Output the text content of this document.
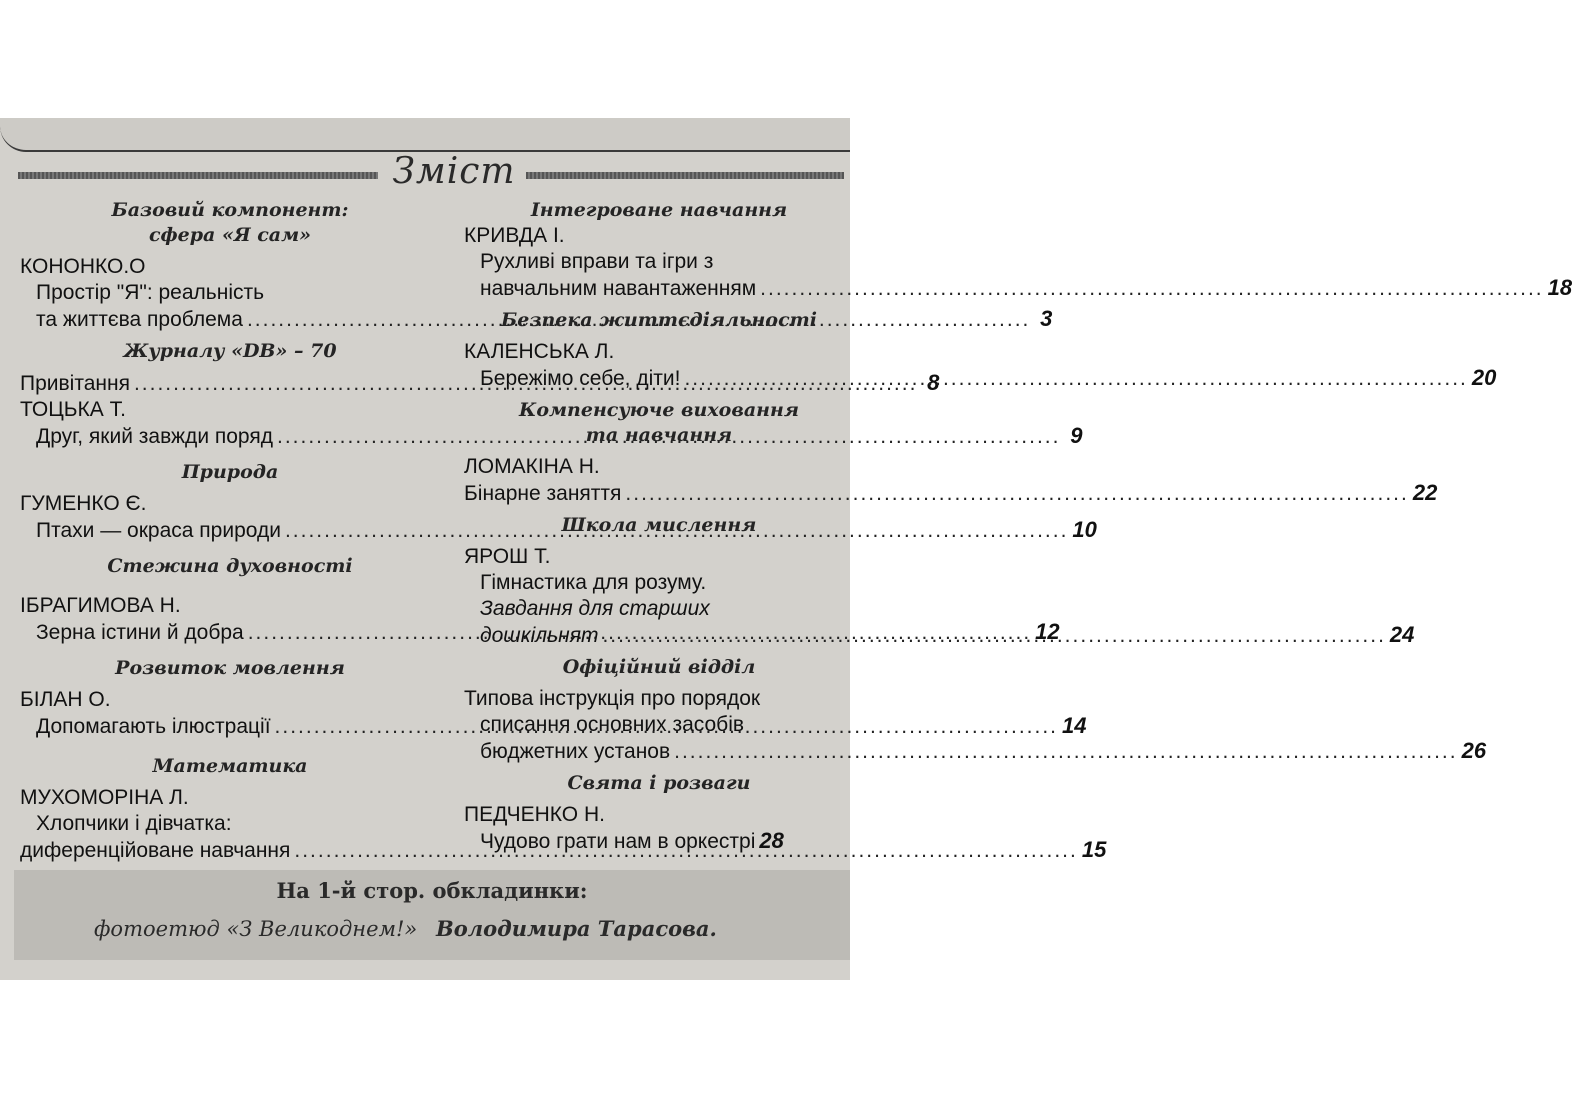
Зміст
Базовий компонент:
сфера «Я сам»
КОНОНКО.О
Простір "Я": реальність
та життєва проблема .....	3
Журналу «DB» – 70
Привітання .....	8
ТОЦЬКА Т.
Друг, який завжди поряд .....	9
Природа
ГУМЕНКО Є.
Птахи — окраса природи .....	10
Стежина духовності
ІБРАГИМОВА Н.
Зерна істини й добра .....	12
Розвиток мовлення
БІЛАН О.
Допомагають ілюстрації .....	14
Математика
МУХОМОРІНА Л.
Хлопчики і дівчатка:
диференційоване навчання .....	15
Інтегроване навчання
КРИВДА І.
Рухливі вправи та ігри з
навчальним навантаженням .....	18
Безпека життєдіяльності
КАЛЕНСЬКА Л.
Бережімо себе, діти! .....	20
Компенсуюче виховання
та навчання
ЛОМАКІНА Н.
Бінарне заняття .....	22
Школа мислення
ЯРОШ Т.
Гімнастика для розуму.
Завдання для старших
дошкільнят .....	24
Офіційний відділ
Типова інструкція про порядок
списання основних засобів
бюджетних установ .....	26
Свята і розваги
ПЕДЧЕНКО Н.
Чудово грати нам в оркестрі 28
На 1-й стор. обкладинки:
фотоетюд «З Великоднем!» Володимира Тарасова.
